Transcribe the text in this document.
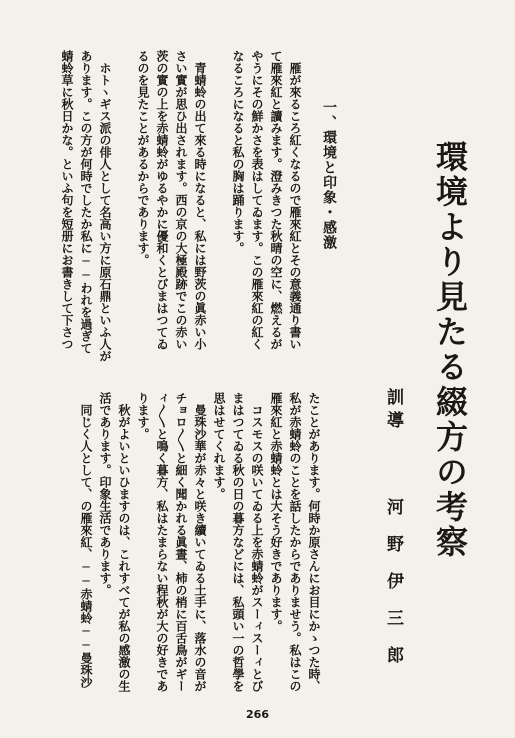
環境より見たる綴方の考察
訓導  河野伊三郎
一、環境と印象・感激
雁が來るころ紅くなるので雁來紅とその意義通り書い
て雁來紅と讀みます。澄みきつた秋晴の空に、燃えるが
やうにその鮮かさを表はしてゐます。この雁來紅の紅く
なるころになると私の胸は踊ります。
青蜻蛉の出て來る時になると、私には野茨の眞赤い小
さい實が思ひ出されます。西の京の大極殿跡でこの赤い
茨の實の上を赤蜻蛉がゆるやかに優和くとびまはつてゐ
るのを見たことがあるからであります。
ホトヽギス派の俳人として名高い方に原石鼎といふ人が
あります。この方が何時でしたか私に──われを過ぎて
蜻蛉草に秋日かな。といふ句を短册にお書きして下さつ
たことがあります。何時か原さんにお目にかゝつた時、
私が赤蜻蛉のことを話したからでありませう。私はこの
雁來紅と赤蜻蛉とは大そう好きであります。
コスモスの咲いてゐる上を赤蜻蛉がスーィスーィとび
まはつてゐる秋の日の暮方などには、私頭い一の哲學を
思はせてくれます。
曼珠沙華が赤々と咲き續いてゐる土手に、落水の音が
チョロ〳〵と細く聞かれる眞晝、柿の梢に百舌鳥がギー
ィ〳〵と鳴く暮方、私はたまらない程秋が大の好きであ
ります。
秋がよいといひますのは、これすべてが私の感激の生
活であります。印象生活であります。
同じく人として、の雁來紅、──赤蜻蛉──曼珠沙
266
